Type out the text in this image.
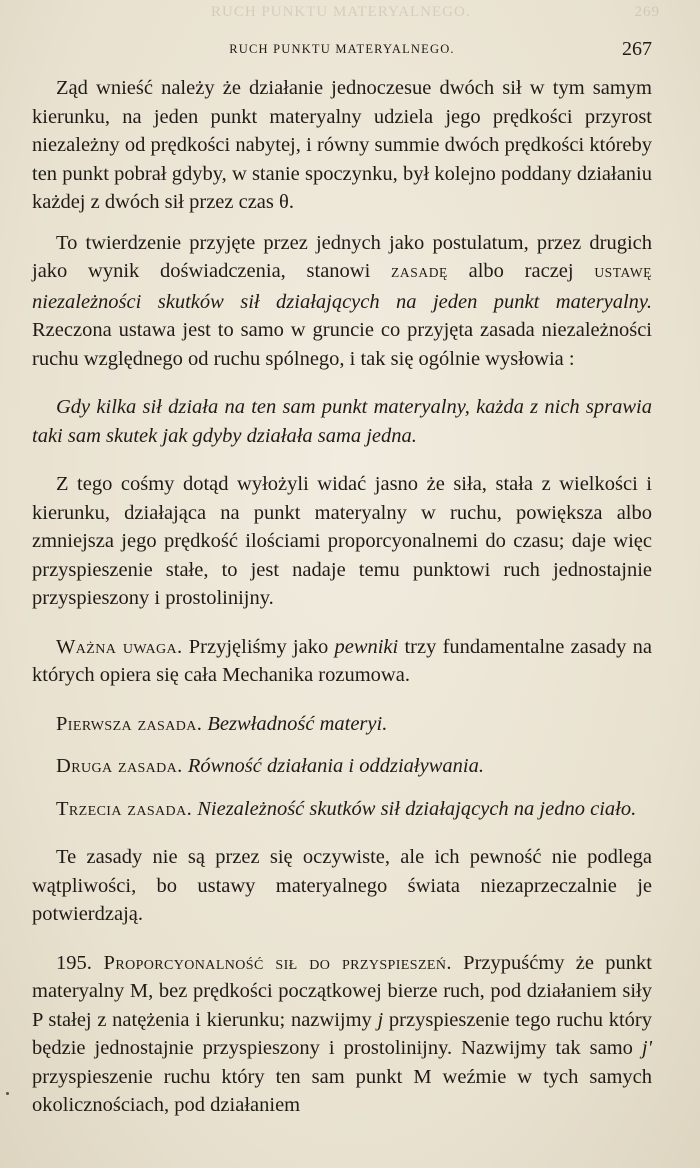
RUCH PUNKTU MATERYALNEGO.	269
RUCH PUNKTU MATERYALNEGO.	267

Ząd wnieść należy że działanie jednoczesue dwóch sił w tym samym kierunku, na jeden punkt materyalny udziela jego prędkości przyrost niezależny od prędkości nabytej, i równy summie dwóch prędkości któreby ten punkt pobrał gdyby, w stanie spoczynku, był kolejno poddany działaniu każdej z dwóch sił przez czas θ.

To twierdzenie przyjęte przez jednych jako postulatum, przez drugich jako wynik doświadczenia, stanowi ZASADĘ albo raczej USTAWĘ niezależności skutków sił działających na jeden punkt materyalny. Rzeczona ustawa jest to samo w gruncie co przyjęta zasada niezależności ruchu względnego od ruchu spólnego, i tak się ogólnie wysłowia :

Gdy kilka sił działa na ten sam punkt materyalny, każda z nich sprawia taki sam skutek jak gdyby działała sama jedna.

Z tego cośmy dotąd wyłożyli widać jasno że siła, stała z wielkości i kierunku, działająca na punkt materyalny w ruchu, powiększa albo zmniejsza jego prędkość ilościami proporcyonalnemi do czasu; daje więc przyspieszenie stałe, to jest nadaje temu punktowi ruch jednostajnie przyspieszony i prostolinijny.

Ważna uwaga. Przyjęliśmy jako pewniki trzy fundamentalne zasady na których opiera się cała Mechanika rozumowa.

Pierwsza zasada. Bezwładność materyi.

Druga zasada. Równość działania i oddziaływania.

Trzecia zasada. Niezależność skutków sił działających na jedno ciało.

Te zasady nie są przez się oczywiste, ale ich pewność nie podlega wątpliwości, bo ustawy materyalnego świata niezaprzeczalnie je potwierdzają.

195. Proporcyonalność sił do przyspieszeń. Przypuśćmy że punkt materyalny M, bez prędkości początkowej bierze ruch, pod działaniem siły P stałej z natężenia i kierunku; nazwijmy j przyspieszenie tego ruchu który będzie jednostajnie przyspieszony i prostolinijny. Nazwijmy tak samo j' przyspieszenie ruchu który ten sam punkt M weźmie w tych samych okolicznościach, pod działaniem
